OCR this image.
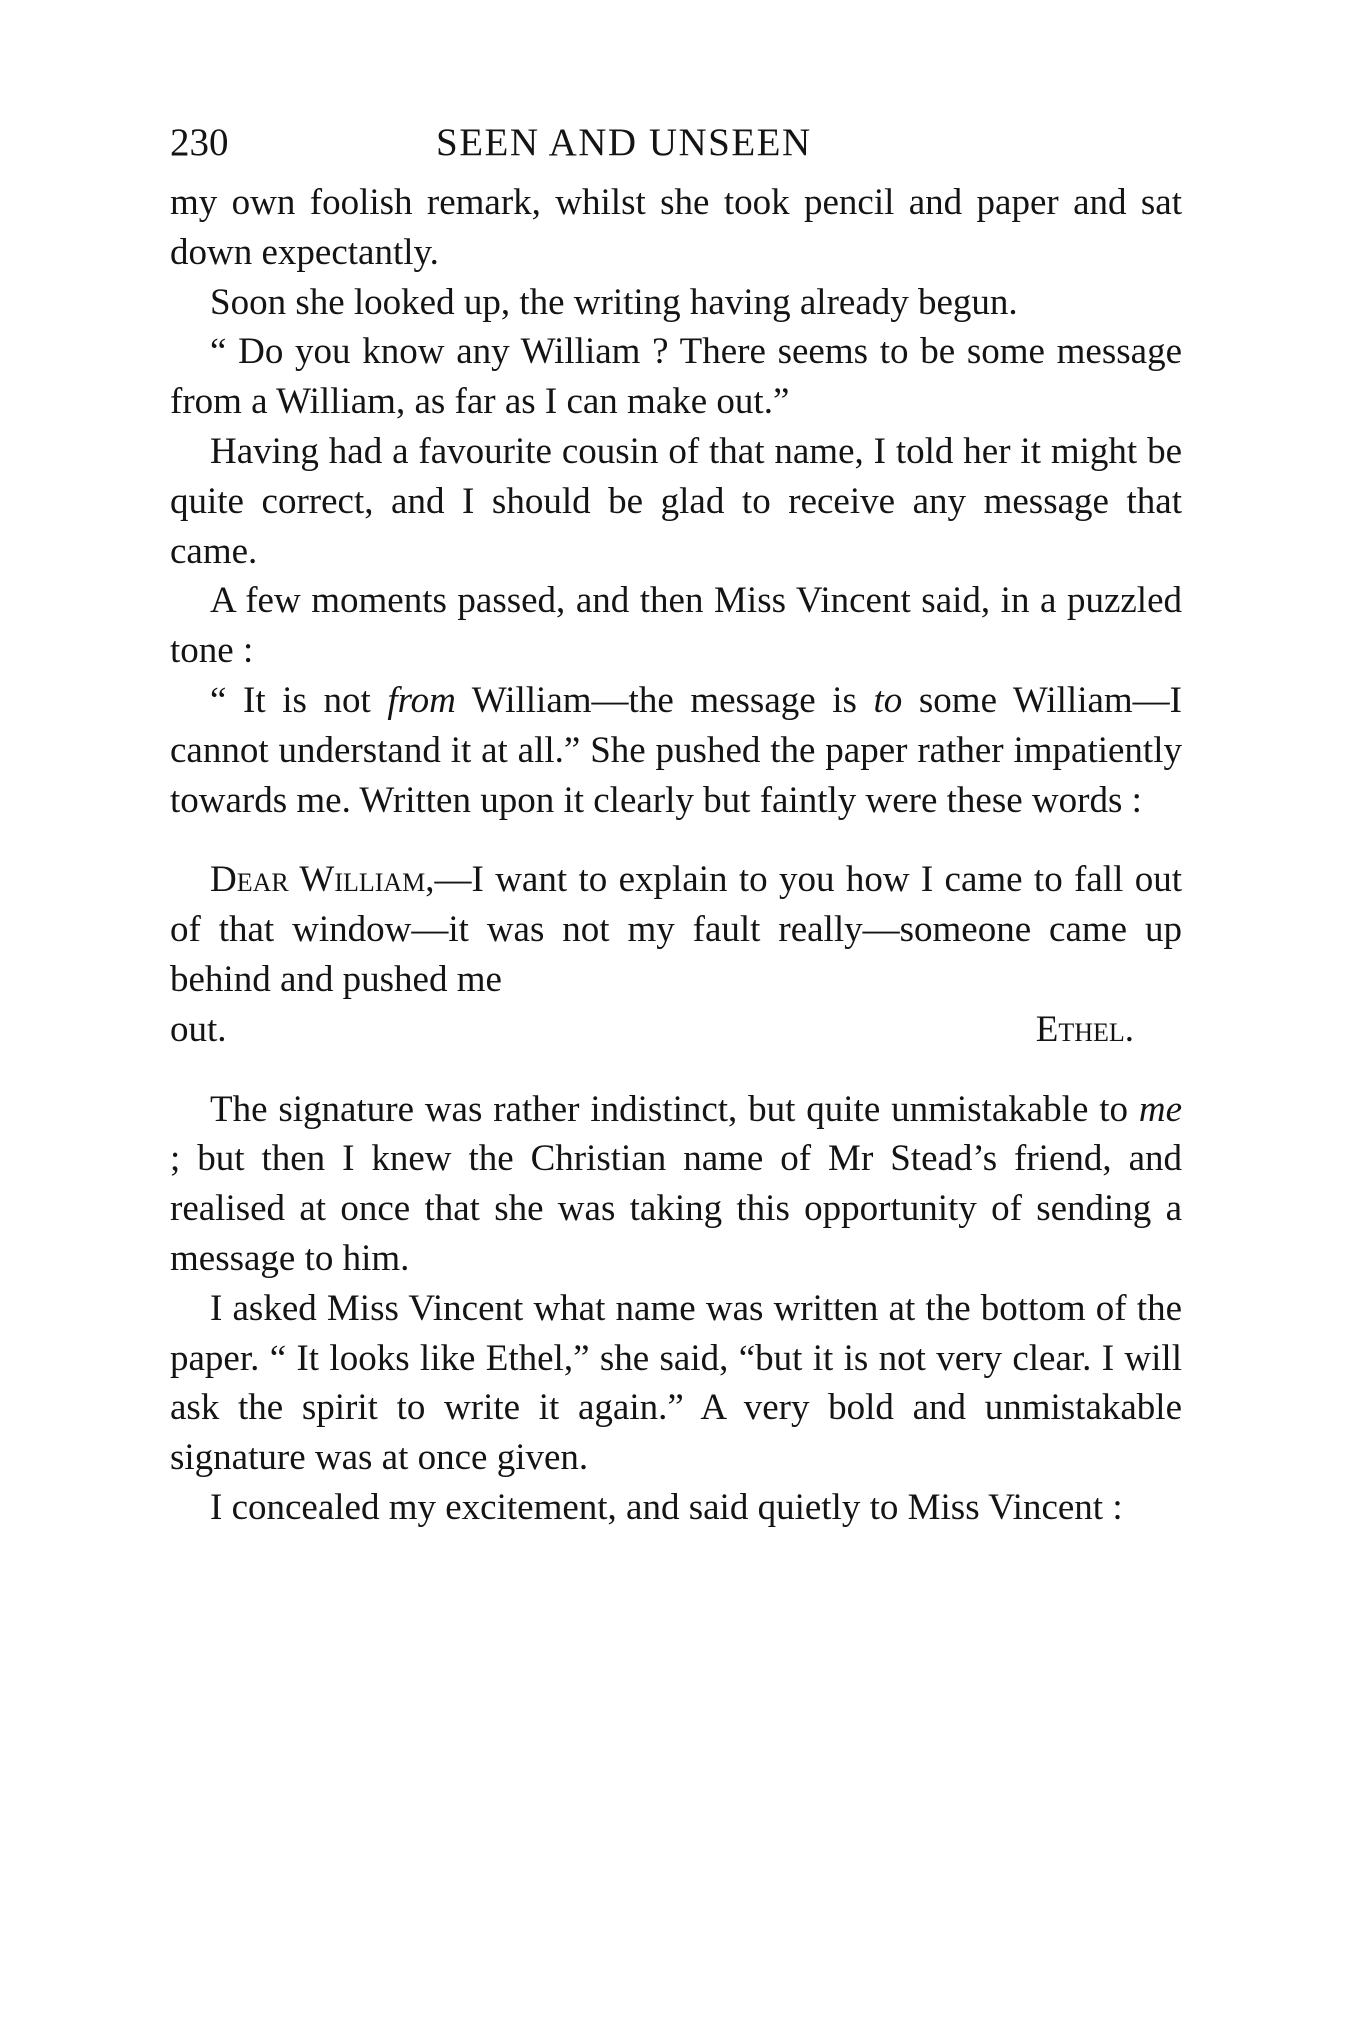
230	SEEN AND UNSEEN

my own foolish remark, whilst she took pencil and paper and sat down expectantly.

Soon she looked up, the writing having already begun.

“ Do you know any William ? There seems to be some message from a William, as far as I can make out.”

Having had a favourite cousin of that name, I told her it might be quite correct, and I should be glad to receive any message that came.

A few moments passed, and then Miss Vincent said, in a puzzled tone :

“ It is not from William—the message is to some William—I cannot understand it at all.” She pushed the paper rather impatiently towards me. Written upon it clearly but faintly were these words :

Dear William,—I want to explain to you how I came to fall out of that window—it was not my fault really—someone came up behind and pushed me

out.	Ethel.

The signature was rather indistinct, but quite unmistakable to me ; but then I knew the Christian name of Mr Stead’s friend, and realised at once that she was taking this opportunity of sending a message to him.

I asked Miss Vincent what name was written at the bottom of the paper. “ It looks like Ethel,” she said, “but it is not very clear. I will ask the spirit to write it again.” A very bold and unmistakable signature was at once given.

I concealed my excitement, and said quietly to Miss Vincent :
